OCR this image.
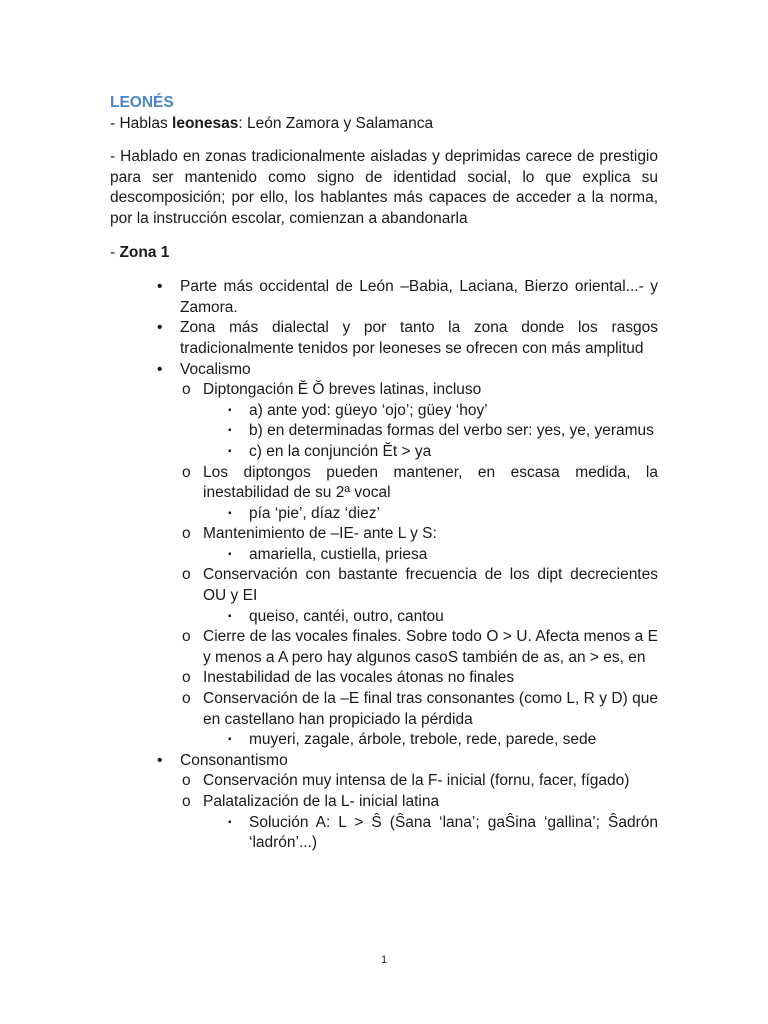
LEONÉS

- Hablas leonesas: León Zamora y Salamanca

- Hablado en zonas tradicionalmente aisladas y deprimidas carece de prestigio para ser mantenido como signo de identidad social, lo que explica su descomposición; por ello, los hablantes más capaces de acceder a la norma, por la instrucción escolar, comienzan a abandonarla

- Zona 1

• Parte más occidental de León –Babia, Laciana, Bierzo oriental...- y Zamora.
• Zona más dialectal y por tanto la zona donde los rasgos tradicionalmente tenidos por leoneses se ofrecen con más amplitud
• Vocalismo
o Diptongación Ĕ Ŏ breves latinas, incluso
▪ a) ante yod: güeyo ‘ojo’; güey ‘hoy’
▪ b) en determinadas formas del verbo ser: yes, ye, yeramus
▪ c) en la conjunción Ĕt > ya
o Los diptongos pueden mantener, en escasa medida, la inestabilidad de su 2ª vocal
▪ pía ‘pie’, díaz ‘diez’
o Mantenimiento de –IE- ante L y S:
▪ amariella, custiella, priesa
o Conservación con bastante frecuencia de los dipt decrecientes OU y EI
▪ queiso, cantéi, outro, cantou
o Cierre de las vocales finales. Sobre todo O > U. Afecta menos a E y menos a A pero hay algunos casoS también de as, an > es, en
o Inestabilidad de las vocales átonas no finales
o Conservación de la –E final tras consonantes (como L, R y D) que en castellano han propiciado la pérdida
▪ muyeri, zagale, árbole, trebole, rede, parede, sede
• Consonantismo
o Conservación muy intensa de la F- inicial (fornu, facer, fígado)
o Palatalización de la L- inicial latina
▪ Solución A: L > Ŝ (Ŝana ‘lana’; gaŜina ‘gallina’; Ŝadrón ‘ladrón’...)
1
